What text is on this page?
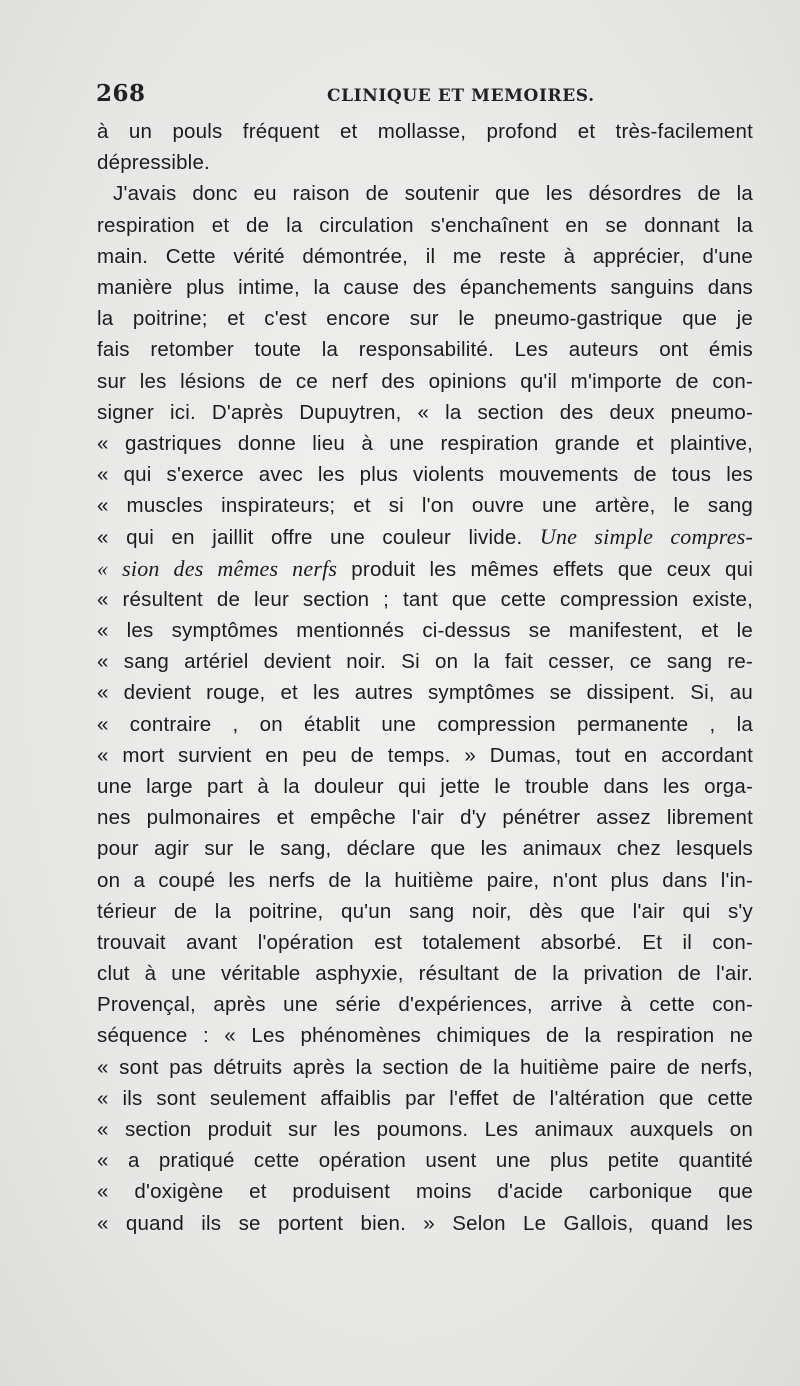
268	CLINIQUE ET MEMOIRES.
à un pouls fréquent et mollasse, profond et très-facilement
dépressible.
J'avais donc eu raison de soutenir que les désordres de la
respiration et de la circulation s'enchaînent en se donnant la
main. Cette vérité démontrée, il me reste à apprécier, d'une
manière plus intime, la cause des épanchements sanguins dans
la poitrine; et c'est encore sur le pneumo-gastrique que je
fais retomber toute la responsabilité. Les auteurs ont émis
sur les lésions de ce nerf des opinions qu'il m'importe de con-
signer ici. D'après Dupuytren, « la section des deux pneumo-
« gastriques donne lieu à une respiration grande et plaintive,
« qui s'exerce avec les plus violents mouvements de tous les
« muscles inspirateurs; et si l'on ouvre une artère, le sang
« qui en jaillit offre une couleur livide. Une simple compres-
« sion des mêmes nerfs produit les mêmes effets que ceux qui
« résultent de leur section ; tant que cette compression existe,
« les symptômes mentionnés ci-dessus se manifestent, et le
« sang artériel devient noir. Si on la fait cesser, ce sang re-
« devient rouge, et les autres symptômes se dissipent. Si, au
« contraire , on établit une compression permanente , la
« mort survient en peu de temps. » Dumas, tout en accordant
une large part à la douleur qui jette le trouble dans les orga-
nes pulmonaires et empêche l'air d'y pénétrer assez librement
pour agir sur le sang, déclare que les animaux chez lesquels
on a coupé les nerfs de la huitième paire, n'ont plus dans l'in-
térieur de la poitrine, qu'un sang noir, dès que l'air qui s'y
trouvait avant l'opération est totalement absorbé. Et il con-
clut à une véritable asphyxie, résultant de la privation de l'air.
Provençal, après une série d'expériences, arrive à cette con-
séquence : « Les phénomènes chimiques de la respiration ne
« sont pas détruits après la section de la huitième paire de nerfs,
« ils sont seulement affaiblis par l'effet de l'altération que cette
« section produit sur les poumons. Les animaux auxquels on
« a pratiqué cette opération usent une plus petite quantité
« d'oxigène et produisent moins d'acide carbonique que
« quand ils se portent bien. » Selon Le Gallois, quand les
